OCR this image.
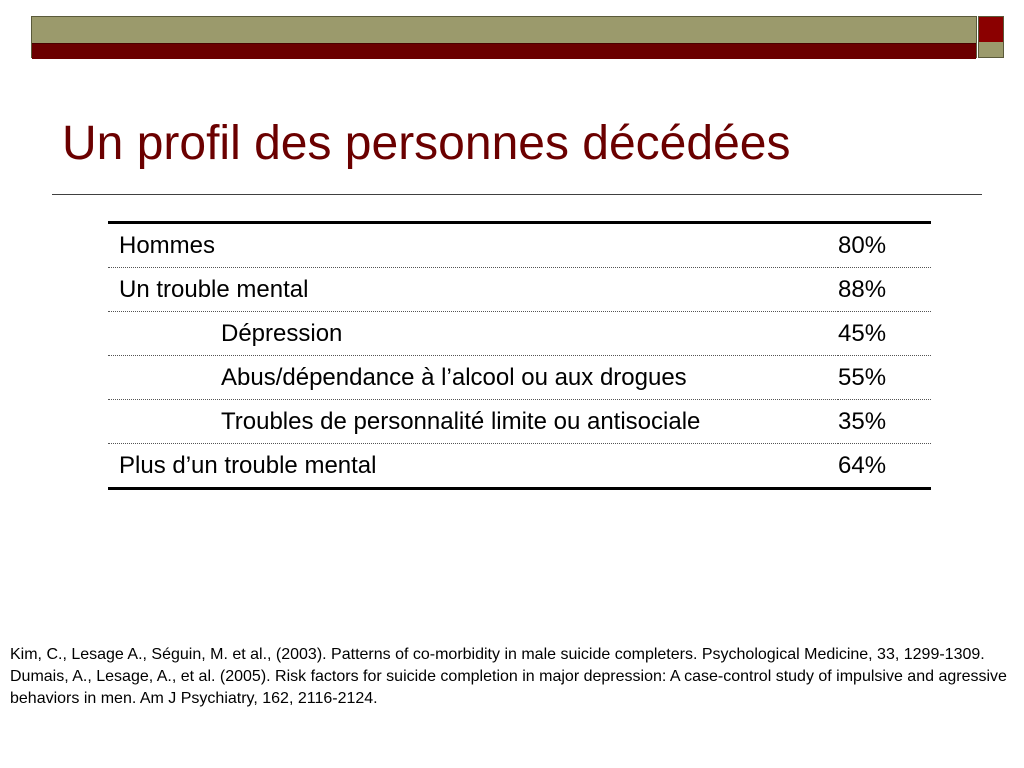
Un profil des personnes décédées
Hommes	80%
Un trouble mental	88%
Dépression	45%
Abus/dépendance à l’alcool ou aux drogues	55%
Troubles de personnalité limite ou antisociale	35%
Plus d’un trouble mental	64%

Kim, C., Lesage A., Séguin, M. et al., (2003). Patterns of co-morbidity in male suicide completers. Psychological Medicine, 33, 1299-1309.

Dumais, A., Lesage, A., et al. (2005). Risk factors for suicide completion in major depression: A case-control study of impulsive and agressive behaviors in men. Am J Psychiatry, 162, 2116-2124.
